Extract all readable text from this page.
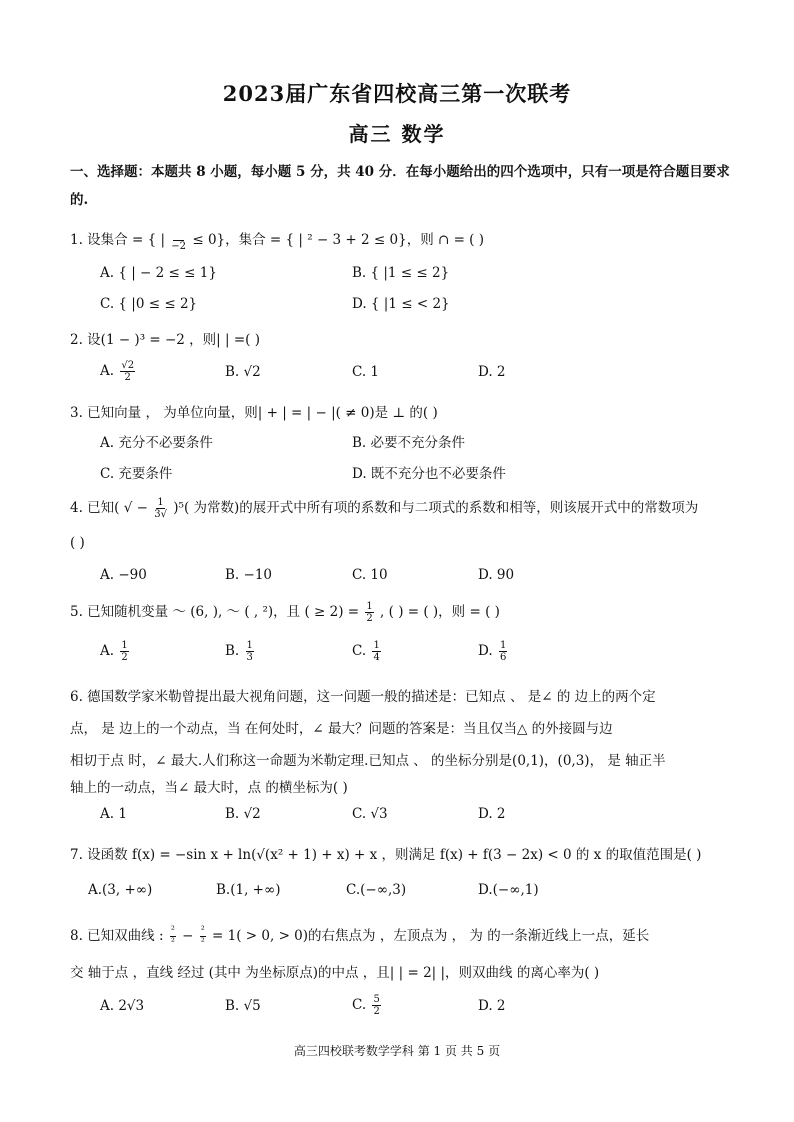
2023届广东省四校高三第一次联考
高三 数学
一、选择题：本题共 8 小题，每小题 5 分，共 40 分．在每小题给出的四个选项中，只有一项是符合题目要求的.
1. 设集合 = { |
−2 ≤ 0}，集合 = { | ² − 3 + 2 ≤ 0}，则 ∩ = ( )
A. { | − 2 ≤ ≤ 1}	B. { |1 ≤ ≤ 2}
C. { |0 ≤ ≤ 2}	D. { |1 ≤ < 2}
2. 设(1 − )³ = −2 ，则| | =( )
A. $\frac{√2}{2}$	B. √2	C. 1	D. 2
3. 已知向量 ， 为单位向量，则| + | = | − |( ≠ 0)是 ⊥ 的( )
A. 充分不必要条件	B. 必要不充分条件
C. 充要条件	D. 既不充分也不必要条件
4. 已知( √ − $\frac{1}{3√} )^5$( 为常数)的展开式中所有项的系数和与二项式的系数和相等，则该展开式中的常数项为
( )
A. −90	B. −10	C. 10	D. 90
5. 已知随机变量 ～ (6, ), ～ ( , ²)，且 ( ≥ $2) = \frac{1}{2}$ , ( ) = ( )，则 = ( )
A. $\frac{1}{2}$	B. $\frac{1}{3}$	C. $\frac{1}{4}$	D. $\frac{1}{6}$
6. 德国数学家米勒曾提出最大视角问题，这一问题一般的描述是：已知点 、 是∠ 的 边上的两个定
点， 是 边上的一个动点，当 在何处时，∠ 最大？问题的答案是：当且仅当△ 的外接圆与边
相切于点 时，∠ 最大.人们称这一命题为米勒定理.已知点 、 的坐标分别是(0,1)，(0,3)， 是 轴正半
轴上的一动点，当∠ 最大时，点 的横坐标为( )
A. 1	B. √2	C. √3	D. 2
7. 设函数 f(x) = −sin x + ln(√(x² + 1) + x) + x ，则满足 f(x) + f(3 − 2x) < 0 的 x 的取值范围是( )
A.(3, +∞)	B.(1, +∞)	C.(−∞,3)	D.(−∞,1)
8. 已知双曲线 : $\frac{\text{²}}{\text{²}} - \frac{\text{²}}{\text{²}} = 1( > 0$, > 0)的右焦点为 ，左顶点为 ， 为 的一条渐近线上一点，延长
交 轴于点 ，直线 经过 (其中 为坐标原点)的中点 ，且| | = 2| |，则双曲线 的离心率为( )
A. 2√3	B. √5	C. $\frac{5}{2}$	D. 2
高三四校联考数学学科 第 1 页 共 5 页
